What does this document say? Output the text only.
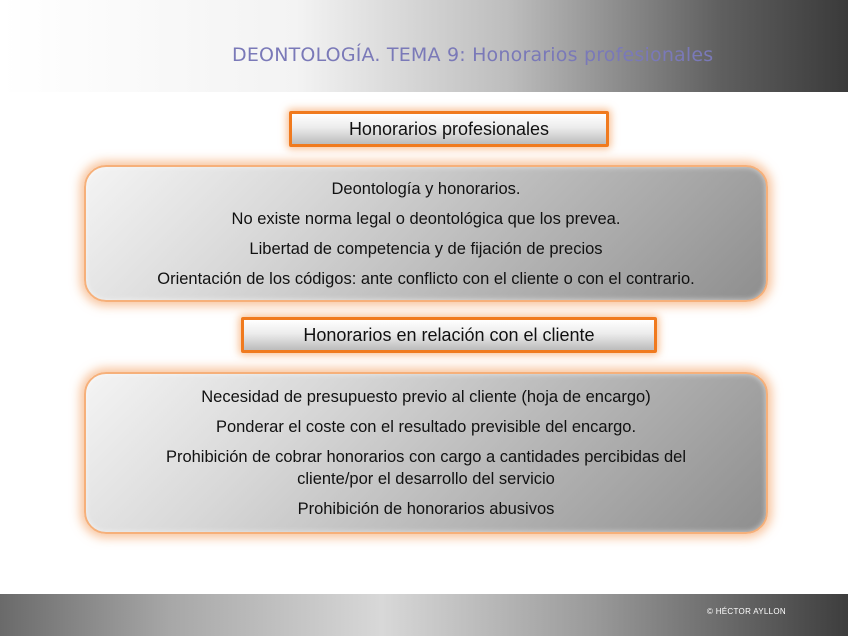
DEONTOLOGÍA. TEMA 9: Honorarios profesionales
Honorarios profesionales
Deontología y honorarios.
No existe norma legal o deontológica que los prevea.
Libertad de competencia y de fijación de precios
Orientación de los códigos: ante conflicto con el cliente o con el contrario.
Honorarios en relación con el cliente
Necesidad de presupuesto previo al cliente (hoja de encargo)
Ponderar el coste con el resultado previsible del encargo.
Prohibición de cobrar honorarios con cargo a cantidades percibidas del
cliente/por el desarrollo del servicio
Prohibición de honorarios abusivos
© HÉCTOR AYLLON
